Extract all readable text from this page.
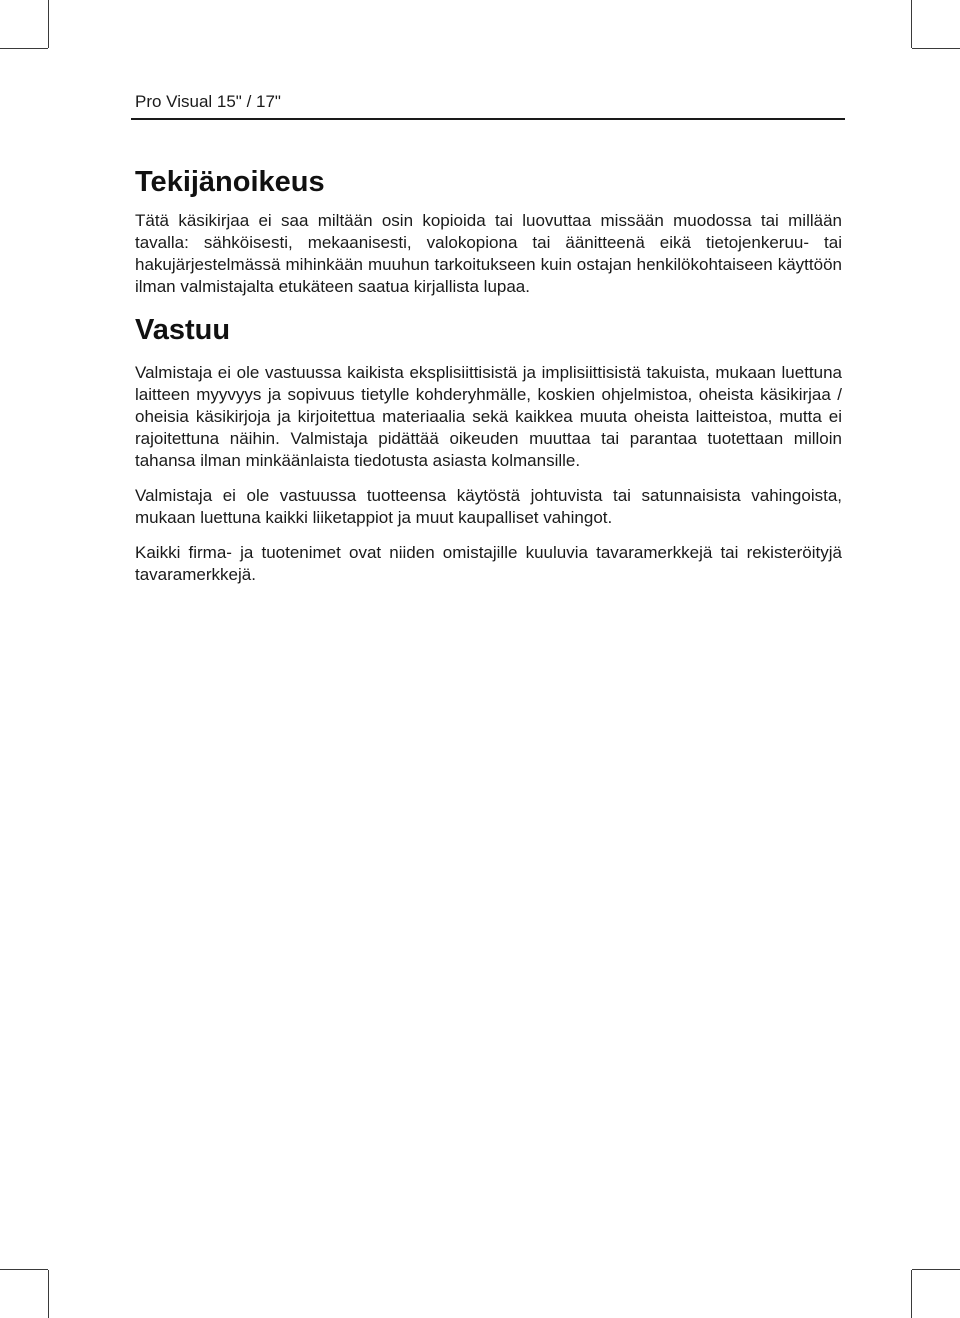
Pro Visual 15" / 17"
Tekijänoikeus

Tätä käsikirjaa ei saa miltään osin kopioida tai luovuttaa missään muodossa tai millään tavalla: sähköisesti, mekaanisesti, valokopiona tai äänitteenä eikä tietojenkeruu- tai hakujärjestelmässä mihinkään muuhun tarkoitukseen kuin ostajan henkilökohtaiseen käyttöön ilman valmistajalta etukäteen saatua kirjallista lupaa.

Vastuu

Valmistaja ei ole vastuussa kaikista eksplisiittisistä ja implisiittisistä takuista, mukaan luettuna laitteen myyvyys ja sopivuus tietylle kohderyhmälle, koskien ohjelmistoa, oheista käsikirjaa / oheisia käsikirjoja ja kirjoitettua materiaalia sekä kaikkea muuta oheista laitteistoa, mutta ei rajoitettuna näihin. Valmistaja pidättää oikeuden muuttaa tai parantaa tuotettaan milloin tahansa ilman minkäänlaista tiedotusta asiasta kolmansille.

Valmistaja ei ole vastuussa tuotteensa käytöstä johtuvista tai satunnaisista vahingoista, mukaan luettuna kaikki liiketappiot ja muut kaupalliset vahingot.

Kaikki firma- ja tuotenimet ovat niiden omistajille kuuluvia tavaramerkkejä tai rekisteröityjä tavaramerkkejä.
